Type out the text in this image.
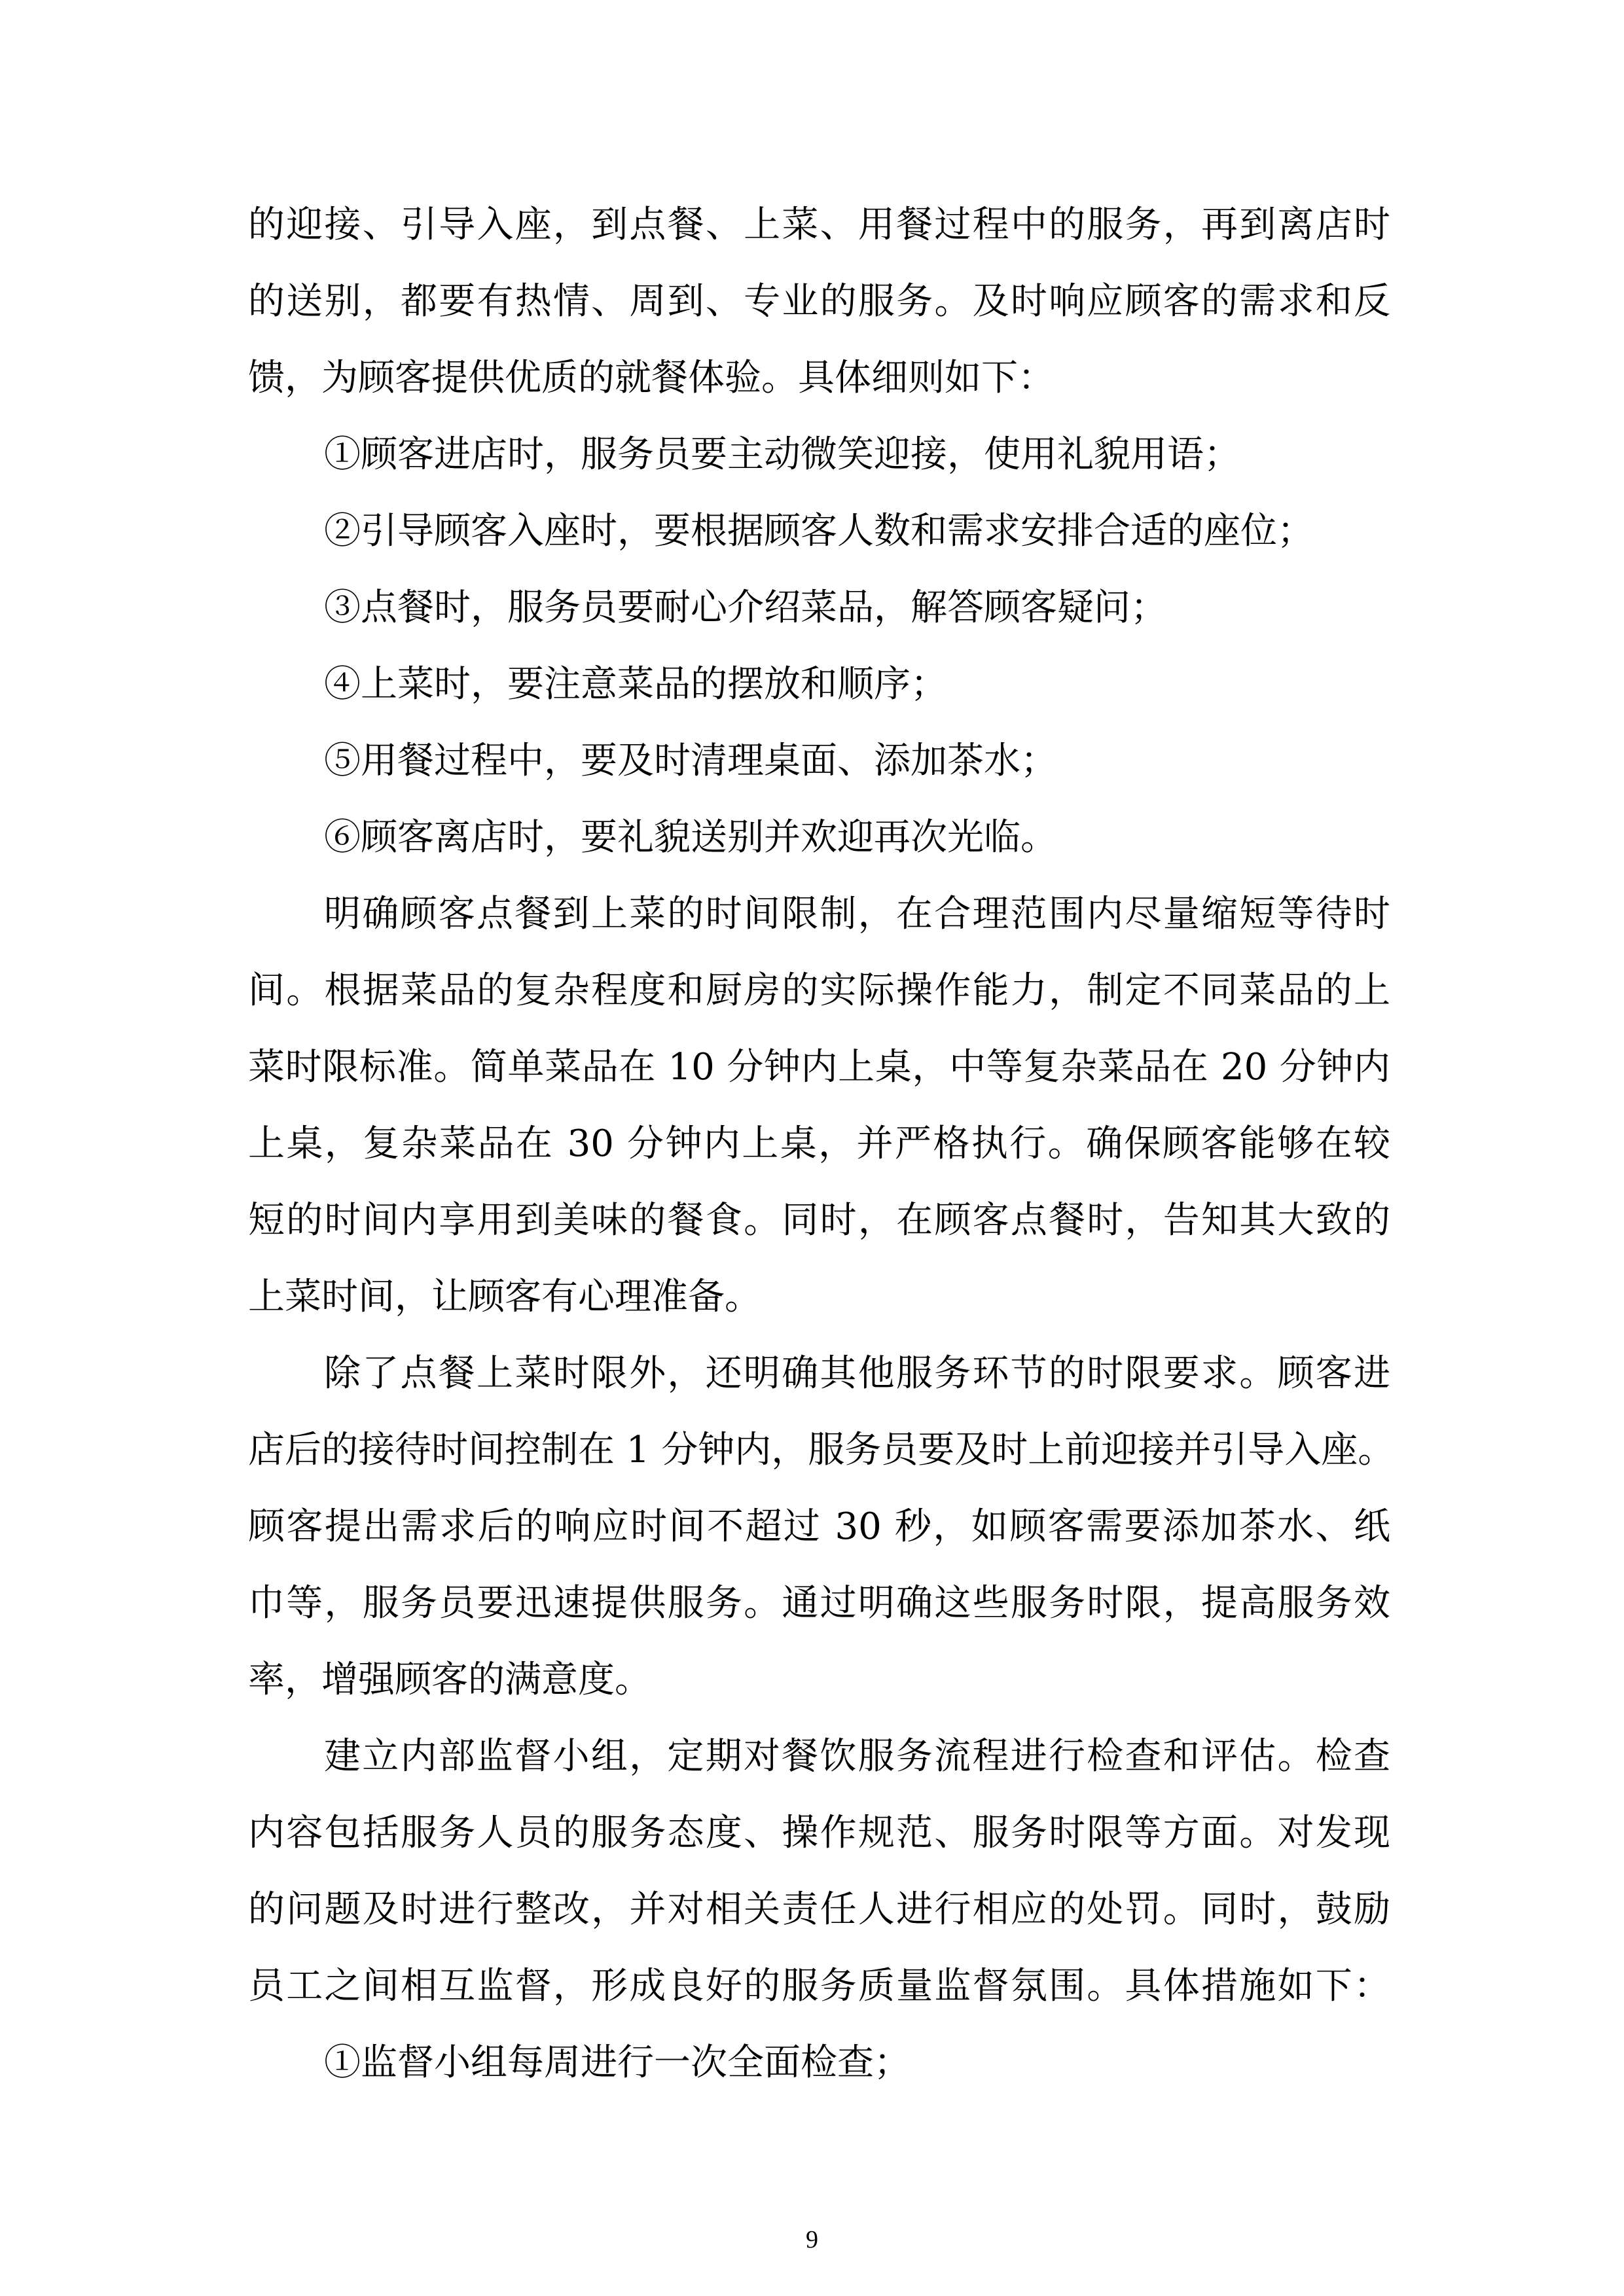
的迎接、引导入座，到点餐、上菜、用餐过程中的服务，再到离店时
的送别，都要有热情、周到、专业的服务。及时响应顾客的需求和反
馈，为顾客提供优质的就餐体验。具体细则如下：
①顾客进店时，服务员要主动微笑迎接，使用礼貌用语；
②引导顾客入座时，要根据顾客人数和需求安排合适的座位；
③点餐时，服务员要耐心介绍菜品，解答顾客疑问；
④上菜时，要注意菜品的摆放和顺序；
⑤用餐过程中，要及时清理桌面、添加茶水；
⑥顾客离店时，要礼貌送别并欢迎再次光临。
明确顾客点餐到上菜的时间限制，在合理范围内尽量缩短等待时
间。根据菜品的复杂程度和厨房的实际操作能力，制定不同菜品的上
菜时限标准。简单菜品在 10 分钟内上桌，中等复杂菜品在 20 分钟内
上桌，复杂菜品在 30 分钟内上桌，并严格执行。确保顾客能够在较
短的时间内享用到美味的餐食。同时，在顾客点餐时，告知其大致的
上菜时间，让顾客有心理准备。
除了点餐上菜时限外，还明确其他服务环节的时限要求。顾客进
店后的接待时间控制在 1 分钟内，服务员要及时上前迎接并引导入座。
顾客提出需求后的响应时间不超过 30 秒，如顾客需要添加茶水、纸
巾等，服务员要迅速提供服务。通过明确这些服务时限，提高服务效
率，增强顾客的满意度。
建立内部监督小组，定期对餐饮服务流程进行检查和评估。检查
内容包括服务人员的服务态度、操作规范、服务时限等方面。对发现
的问题及时进行整改，并对相关责任人进行相应的处罚。同时，鼓励
员工之间相互监督，形成良好的服务质量监督氛围。具体措施如下：
①监督小组每周进行一次全面检查；
9
